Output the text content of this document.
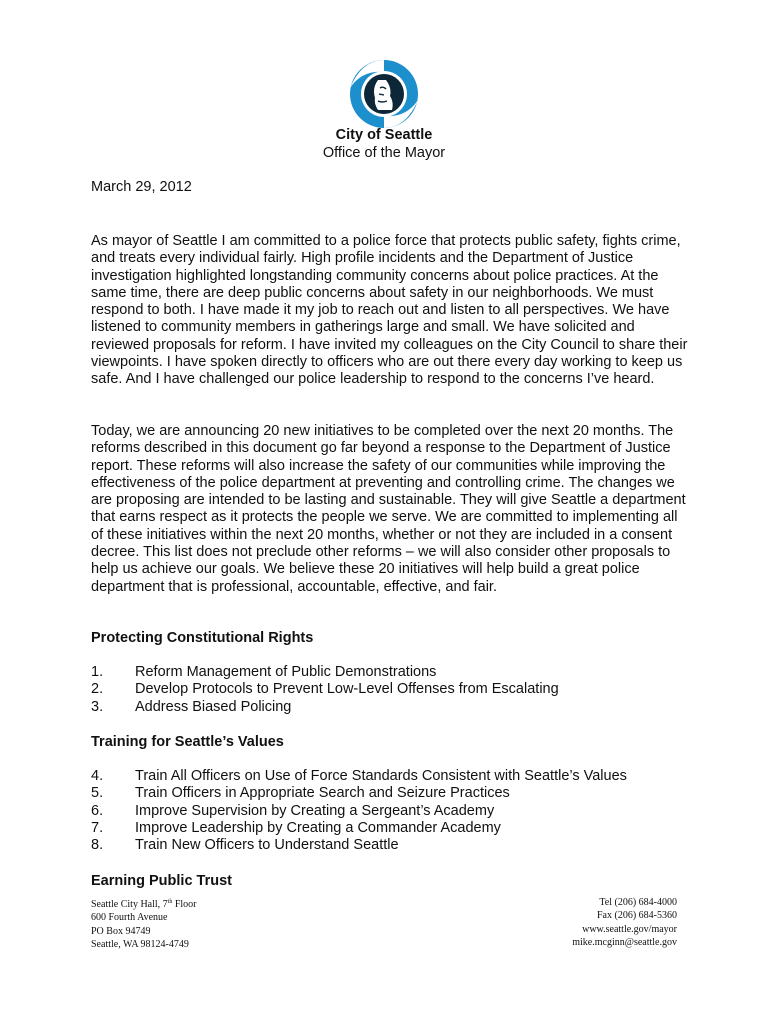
City of Seattle
Office of the Mayor
March 29, 2012

As mayor of Seattle I am committed to a police force that protects public safety, fights crime, and treats every individual fairly. High profile incidents and the Department of Justice investigation highlighted longstanding community concerns about police practices. At the same time, there are deep public concerns about safety in our neighborhoods. We must respond to both. I have made it my job to reach out and listen to all perspectives. We have listened to community members in gatherings large and small. We have solicited and reviewed proposals for reform. I have invited my colleagues on the City Council to share their viewpoints. I have spoken directly to officers who are out there every day working to keep us safe. And I have challenged our police leadership to respond to the concerns I’ve heard.

Today, we are announcing 20 new initiatives to be completed over the next 20 months. The reforms described in this document go far beyond a response to the Department of Justice report. These reforms will also increase the safety of our communities while improving the effectiveness of the police department at preventing and controlling crime. The changes we are proposing are intended to be lasting and sustainable. They will give Seattle a department that earns respect as it protects the people we serve. We are committed to implementing all of these initiatives within the next 20 months, whether or not they are included in a consent decree. This list does not preclude other reforms – we will also consider other proposals to help us achieve our goals. We believe these 20 initiatives will help build a great police department that is professional, accountable, effective, and fair.

Protecting Constitutional Rights
1. Reform Management of Public Demonstrations
2. Develop Protocols to Prevent Low-Level Offenses from Escalating
3. Address Biased Policing
Training for Seattle’s Values
4. Train All Officers on Use of Force Standards Consistent with Seattle’s Values
5. Train Officers in Appropriate Search and Seizure Practices
6. Improve Supervision by Creating a Sergeant’s Academy
7. Improve Leadership by Creating a Commander Academy
8. Train New Officers to Understand Seattle
Earning Public Trust
Seattle City Hall, 7th Floor
600 Fourth Avenue
PO Box 94749
Seattle, WA 98124-4749
Tel (206) 684-4000
Fax (206) 684-5360
www.seattle.gov/mayor
mike.mcginn@seattle.gov
